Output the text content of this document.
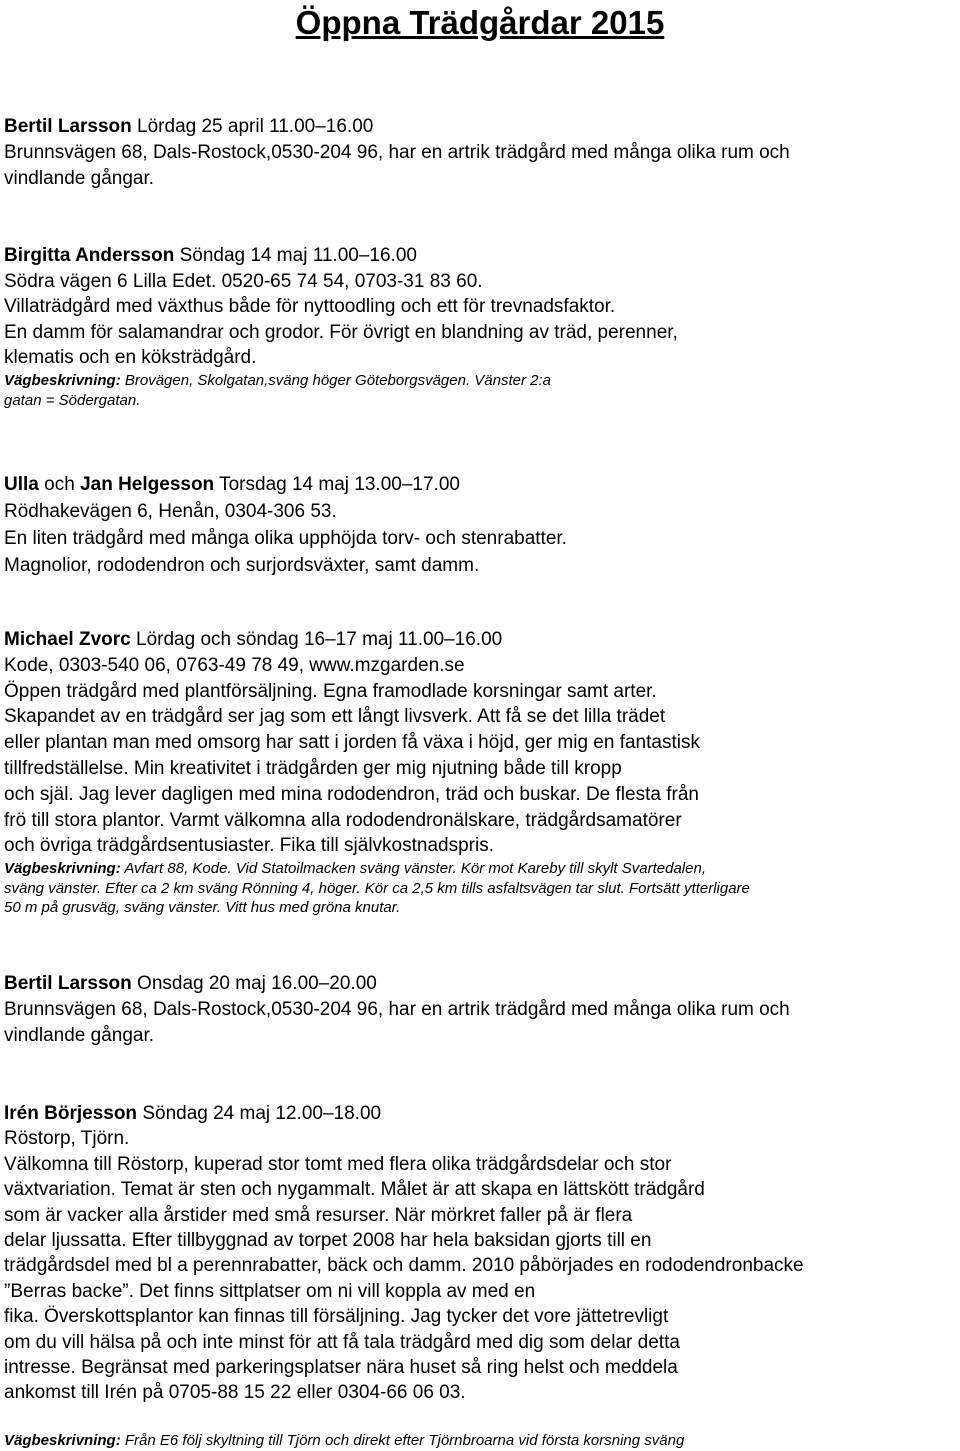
Öppna Trädgårdar 2015
Bertil Larsson Lördag 25 april 11.00–16.00
Brunnsvägen 68, Dals-Rostock,0530-204 96, har en artrik trädgård med många olika rum och
vindlande gångar.
Birgitta Andersson Söndag 14 maj 11.00–16.00
Södra vägen 6 Lilla Edet. 0520-65 74 54, 0703-31 83 60.
Villaträdgård med växthus både för nyttoodling och ett för trevnadsfaktor.
En damm för salamandrar och grodor. För övrigt en blandning av träd, perenner,
klematis och en köksträdgård.
Vägbeskrivning: Brovägen, Skolgatan,sväng höger Göteborgsvägen. Vänster 2:a
gatan = Södergatan.
Ulla och Jan Helgesson Torsdag 14 maj 13.00–17.00
Rödhakevägen 6, Henån, 0304-306 53.
En liten trädgård med många olika upphöjda torv- och stenrabatter.
Magnolior, rododendron och surjordsväxter, samt damm.
Michael Zvorc Lördag och söndag 16–17 maj 11.00–16.00
Kode, 0303-540 06, 0763-49 78 49, www.mzgarden.se
Öppen trädgård med plantförsäljning. Egna framodlade korsningar samt arter.
Skapandet av en trädgård ser jag som ett långt livsverk. Att få se det lilla trädet
eller plantan man med omsorg har satt i jorden få växa i höjd, ger mig en fantastisk
tillfredställelse. Min kreativitet i trädgården ger mig njutning både till kropp
och själ. Jag lever dagligen med mina rododendron, träd och buskar. De flesta från
frö till stora plantor. Varmt välkomna alla rododendronälskare, trädgårdsamatörer
och övriga trädgårdsentusiaster. Fika till självkostnadspris.
Vägbeskrivning: Avfart 88, Kode. Vid Statoilmacken sväng vänster. Kör mot Kareby till skylt Svartedalen,
sväng vänster. Efter ca 2 km sväng Rönning 4, höger. Kör ca 2,5 km tills asfaltsvägen tar slut. Fortsätt ytterligare
50 m på grusväg, sväng vänster. Vitt hus med gröna knutar.
Bertil Larsson Onsdag 20 maj 16.00–20.00
Brunnsvägen 68, Dals-Rostock,0530-204 96, har en artrik trädgård med många olika rum och
vindlande gångar.
Irén Börjesson Söndag 24 maj 12.00–18.00
Röstorp, Tjörn.
Välkomna till Röstorp, kuperad stor tomt med flera olika trädgårdsdelar och stor
växtvariation. Temat är sten och nygammalt. Målet är att skapa en lättskött trädgård
som är vacker alla årstider med små resurser. När mörkret faller på är flera
delar ljussatta. Efter tillbyggnad av torpet 2008 har hela baksidan gjorts till en
trädgårdsdel med bl a perennrabatter, bäck och damm. 2010 påbörjades en rododendronbacke
”Berras backe”. Det finns sittplatser om ni vill koppla av med en
fika. Överskottsplantor kan finnas till försäljning. Jag tycker det vore jättetrevligt
om du vill hälsa på och inte minst för att få tala trädgård med dig som delar detta
intresse. Begränsat med parkeringsplatser nära huset så ring helst och meddela
ankomst till Irén på 0705-88 15 22 eller 0304-66 06 03.
Vägbeskrivning: Från E6 följ skyltning till Tjörn och direkt efter Tjörnbroarna vid första korsning sväng
